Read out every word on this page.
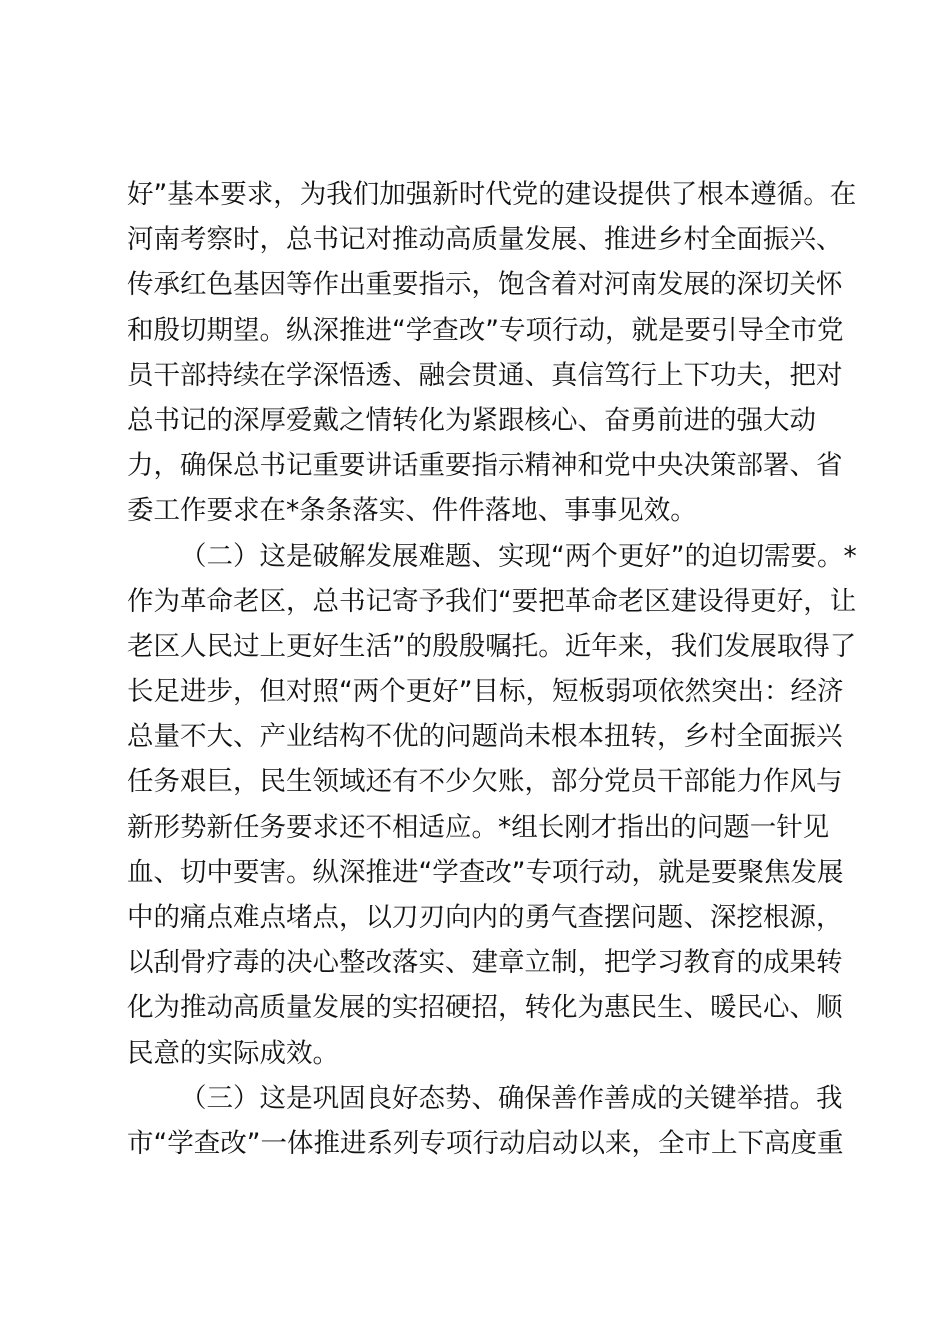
好”基本要求，为我们加强新时代党的建设提供了根本遵循。在
河南考察时，总书记对推动高质量发展、推进乡村全面振兴、
传承红色基因等作出重要指示，饱含着对河南发展的深切关怀
和殷切期望。纵深推进“学查改”专项行动，就是要引导全市党
员干部持续在学深悟透、融会贯通、真信笃行上下功夫，把对
总书记的深厚爱戴之情转化为紧跟核心、奋勇前进的强大动
力，确保总书记重要讲话重要指示精神和党中央决策部署、省
委工作要求在*条条落实、件件落地、事事见效。
（二）这是破解发展难题、实现“两个更好”的迫切需要。*
作为革命老区，总书记寄予我们“要把革命老区建设得更好，让
老区人民过上更好生活”的殷殷嘱托。近年来，我们发展取得了
长足进步，但对照“两个更好”目标，短板弱项依然突出：经济
总量不大、产业结构不优的问题尚未根本扭转，乡村全面振兴
任务艰巨，民生领域还有不少欠账，部分党员干部能力作风与
新形势新任务要求还不相适应。*组长刚才指出的问题一针见
血、切中要害。纵深推进“学查改”专项行动，就是要聚焦发展
中的痛点难点堵点，以刀刃向内的勇气查摆问题、深挖根源，
以刮骨疗毒的决心整改落实、建章立制，把学习教育的成果转
化为推动高质量发展的实招硬招，转化为惠民生、暖民心、顺
民意的实际成效。
（三）这是巩固良好态势、确保善作善成的关键举措。我
市“学查改”一体推进系列专项行动启动以来，全市上下高度重
